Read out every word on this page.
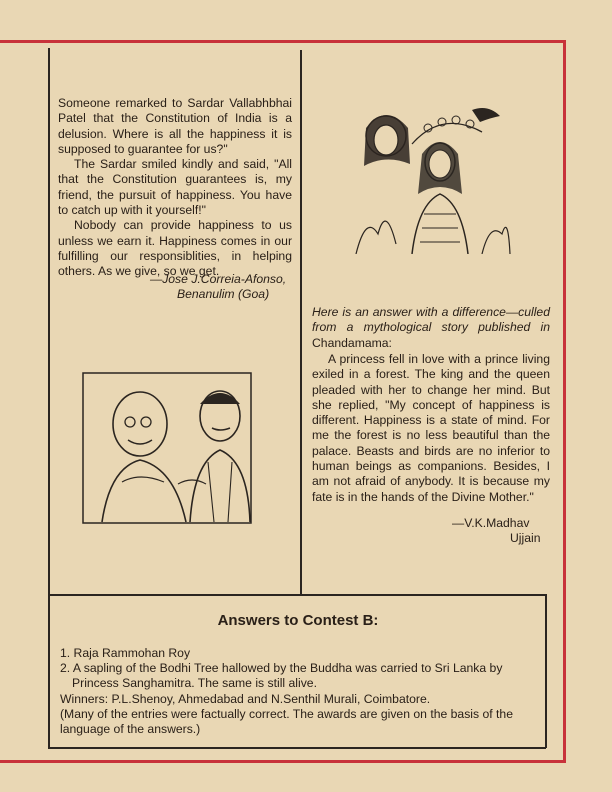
Someone remarked to Sardar Vallabhbhai Patel that the Constitution of India is a delusion. Where is all the happiness it is supposed to guarantee for us?"

The Sardar smiled kindly and said, "All that the Constitution guarantees is, my friend, the pursuit of happiness. You have to catch up with it yourself!"

Nobody can provide happiness to us unless we earn it. Happiness comes in our fulfilling our responsiblities, in helping others. As we give, so we get.

—Jose J.Correia-Afonso,
Benanulim (Goa)
Here is an answer with a difference—culled from a mythological story published in Chandamama:
A princess fell in love with a prince living exiled in a forest. The king and the queen pleaded with her to change her mind. But she replied, "My concept of happiness is different. Happiness is a state of mind. For me the forest is no less beautiful than the palace. Beasts and birds are no inferior to human beings as companions. Besides, I am not afraid of anybody. It is because my fate is in the hands of the Divine Mother."
—V.K.Madhav
Ujjain
Answers to Contest B:

1. Raja Rammohan Roy

2. A sapling of the Bodhi Tree hallowed by the Buddha was carried to Sri Lanka by Princess Sanghamitra. The same is still alive.

Winners: P.L.Shenoy, Ahmedabad and N.Senthil Murali, Coimbatore.

(Many of the entries were factually correct. The awards are given on the basis of the language of the answers.)
